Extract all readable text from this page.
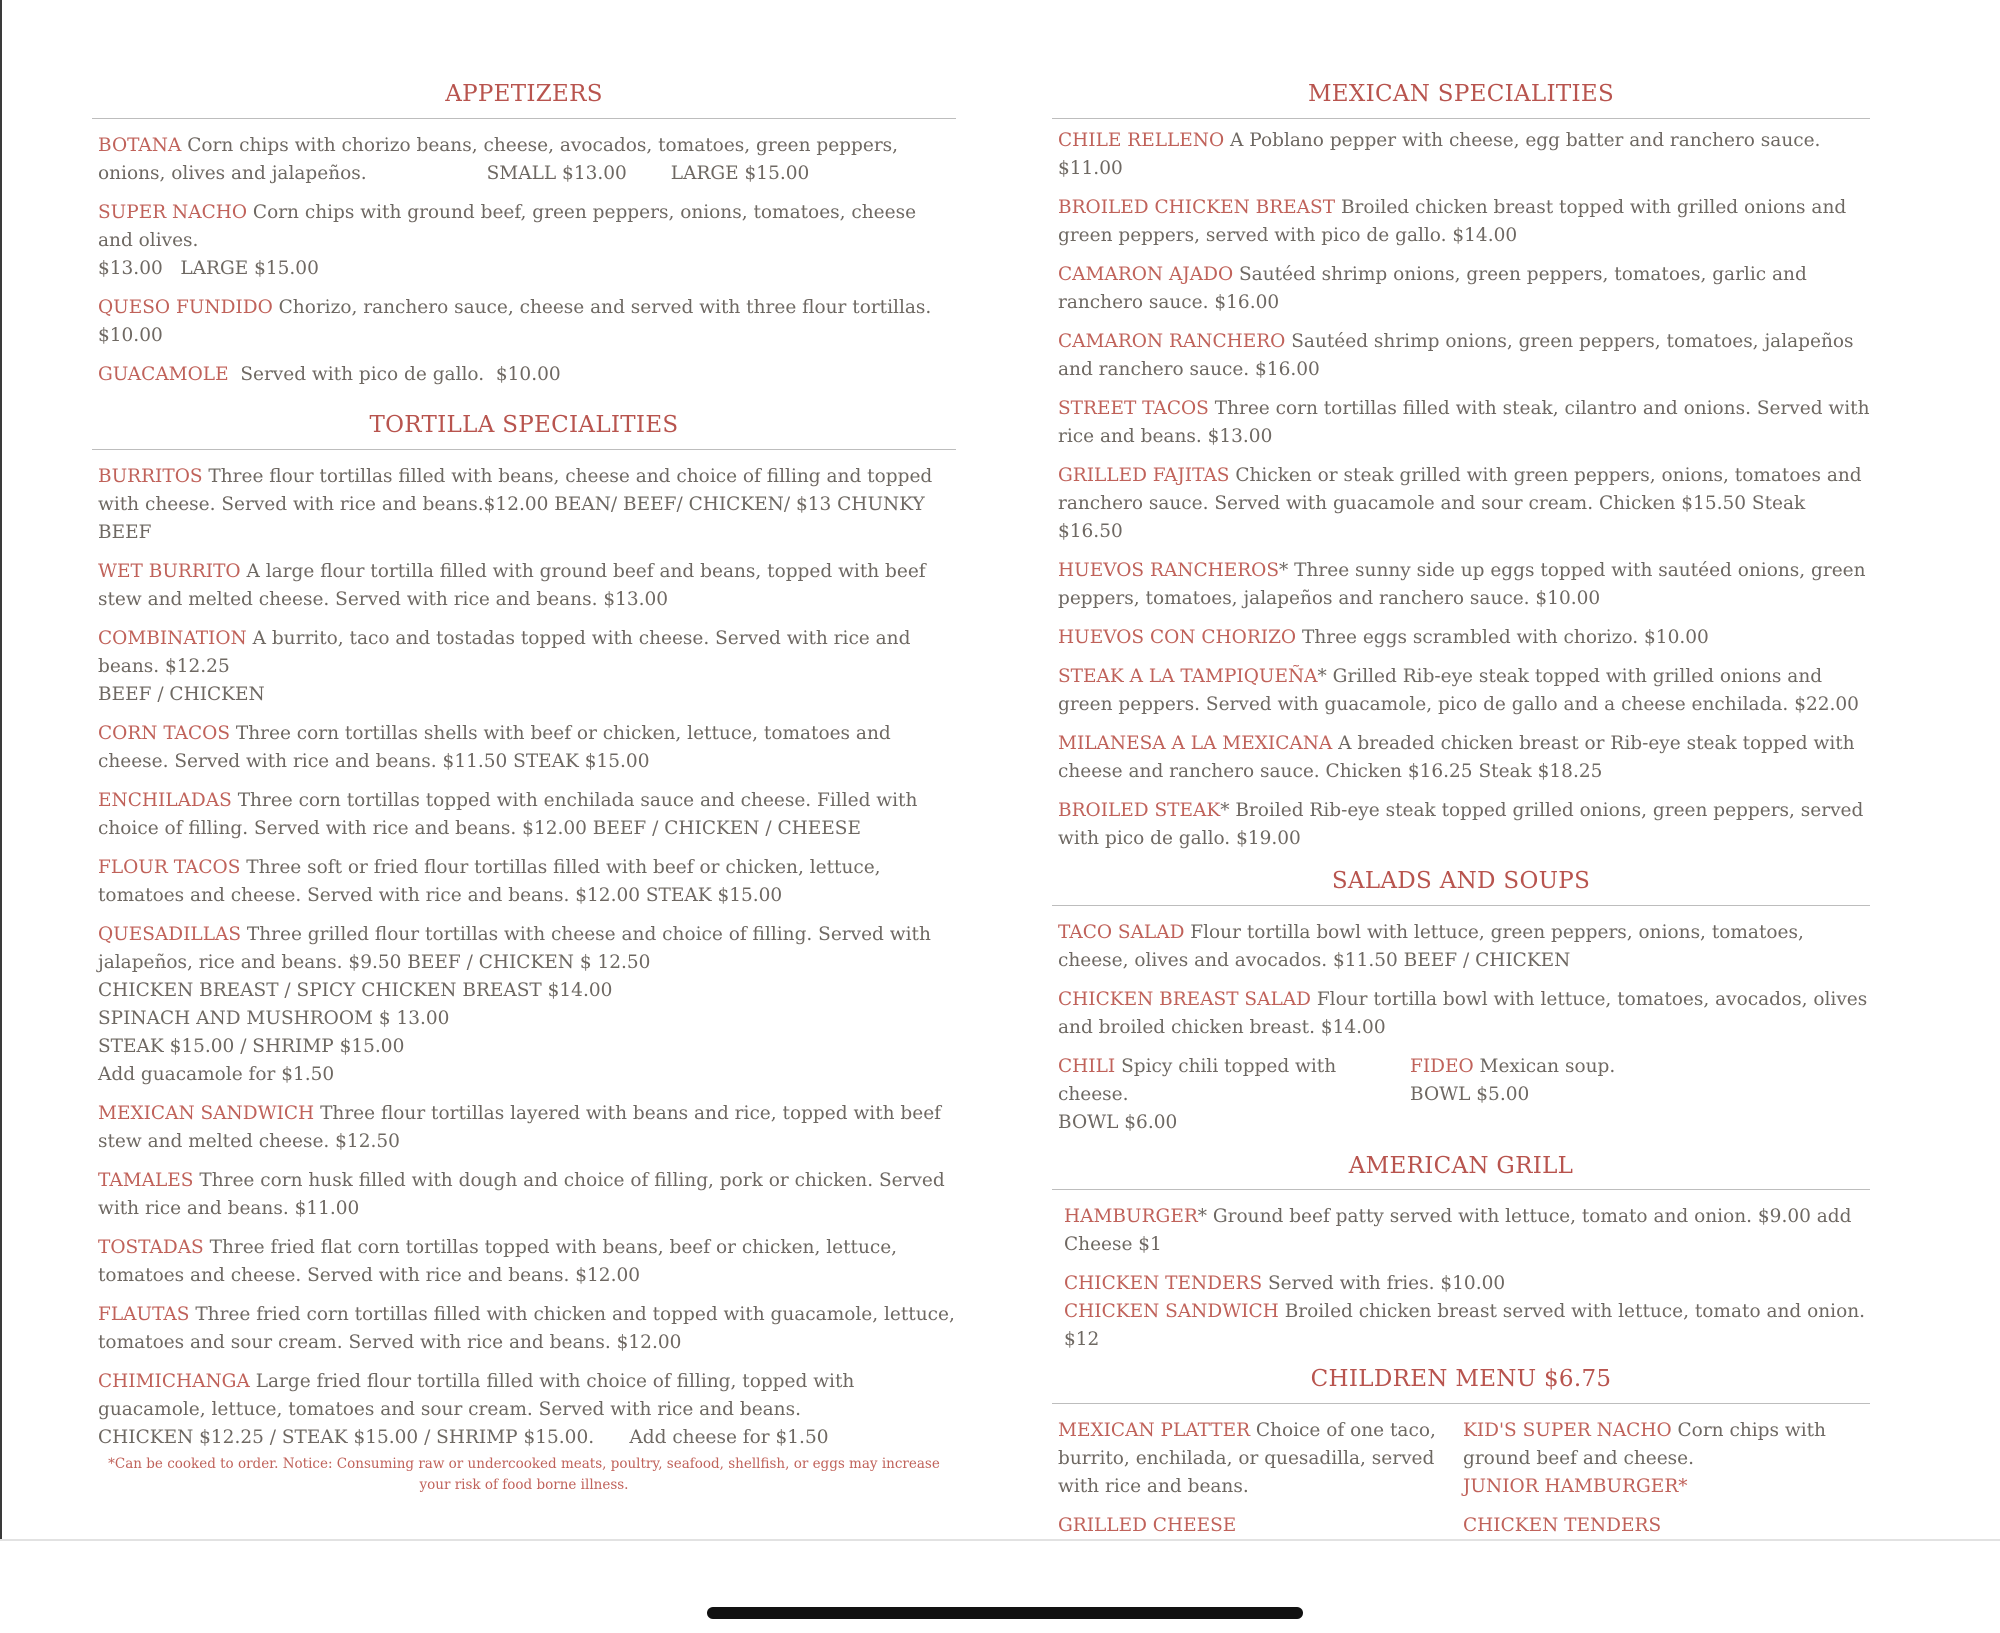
APPETIZERS
BOTANA Corn chips with chorizo beans, cheese, avocados, tomatoes, green peppers, onions, olives and jalapeños.	SMALL $13.00 LARGE $15.00
SUPER NACHO Corn chips with ground beef, green peppers, onions, tomatoes, cheese and olives.
$13.00   LARGE $15.00
QUESO FUNDIDO Chorizo, ranchero sauce, cheese and served with three flour tortillas. $10.00
GUACAMOLE  Served with pico de gallo.  $10.00
TORTILLA SPECIALITIES
BURRITOS Three flour tortillas filled with beans, cheese and choice of filling and topped with cheese. Served with rice and beans.$12.00 BEAN/ BEEF/ CHICKEN/ $13 CHUNKY BEEF
WET BURRITO A large flour tortilla filled with ground beef and beans, topped with beef stew and melted cheese. Served with rice and beans. $13.00
COMBINATION A burrito, taco and tostadas topped with cheese. Served with rice and beans. $12.25
BEEF / CHICKEN
CORN TACOS Three corn tortillas shells with beef or chicken, lettuce, tomatoes and cheese. Served with rice and beans. $11.50 STEAK $15.00
ENCHILADAS Three corn tortillas topped with enchilada sauce and cheese. Filled with choice of filling. Served with rice and beans. $12.00 BEEF / CHICKEN / CHEESE
FLOUR TACOS Three soft or fried flour tortillas filled with beef or chicken, lettuce, tomatoes and cheese. Served with rice and beans. $12.00 STEAK $15.00
QUESADILLAS Three grilled flour tortillas with cheese and choice of filling. Served with jalapeños, rice and beans. $9.50 BEEF / CHICKEN $ 12.50
CHICKEN BREAST / SPICY CHICKEN BREAST $14.00
SPINACH AND MUSHROOM $ 13.00
STEAK $15.00 / SHRIMP $15.00
Add guacamole for $1.50
MEXICAN SANDWICH Three flour tortillas layered with beans and rice, topped with beef stew and melted cheese. $12.50
TAMALES Three corn husk filled with dough and choice of filling, pork or chicken. Served with rice and beans. $11.00
TOSTADAS Three fried flat corn tortillas topped with beans, beef or chicken, lettuce, tomatoes and cheese. Served with rice and beans. $12.00
FLAUTAS Three fried corn tortillas filled with chicken and topped with guacamole, lettuce, tomatoes and sour cream. Served with rice and beans. $12.00
CHIMICHANGA Large fried flour tortilla filled with choice of filling, topped with guacamole, lettuce, tomatoes and sour cream. Served with rice and beans.
CHICKEN $12.25 / STEAK $15.00 / SHRIMP $15.00.      Add cheese for $1.50
*Can be cooked to order. Notice: Consuming raw or undercooked meats, poultry, seafood, shellfish, or eggs may increase your risk of food borne illness.
MEXICAN SPECIALITIES
CHILE RELLENO A Poblano pepper with cheese, egg batter and ranchero sauce. $11.00
BROILED CHICKEN BREAST Broiled chicken breast topped with grilled onions and green peppers, served with pico de gallo. $14.00
CAMARON AJADO Sautéed shrimp onions, green peppers, tomatoes, garlic and ranchero sauce. $16.00
CAMARON RANCHERO Sautéed shrimp onions, green peppers, tomatoes, jalapeños and ranchero sauce. $16.00
STREET TACOS Three corn tortillas filled with steak, cilantro and onions. Served with rice and beans. $13.00
GRILLED FAJITAS Chicken or steak grilled with green peppers, onions, tomatoes and ranchero sauce. Served with guacamole and sour cream. Chicken $15.50 Steak $16.50
HUEVOS RANCHEROS* Three sunny side up eggs topped with sautéed onions, green peppers, tomatoes, jalapeños and ranchero sauce. $10.00
HUEVOS CON CHORIZO Three eggs scrambled with chorizo. $10.00
STEAK A LA TAMPIQUEÑA* Grilled Rib-eye steak topped with grilled onions and green peppers. Served with guacamole, pico de gallo and a cheese enchilada. $22.00
MILANESA A LA MEXICANA A breaded chicken breast or Rib-eye steak topped with cheese and ranchero sauce. Chicken $16.25 Steak $18.25
BROILED STEAK* Broiled Rib-eye steak topped grilled onions, green peppers, served with pico de gallo. $19.00
SALADS AND SOUPS
TACO SALAD Flour tortilla bowl with lettuce, green peppers, onions, tomatoes, cheese, olives and avocados. $11.50 BEEF / CHICKEN
CHICKEN BREAST SALAD Flour tortilla bowl with lettuce, tomatoes, avocados, olives and broiled chicken breast. $14.00
CHILI Spicy chili topped with cheese.
BOWL $6.00
FIDEO Mexican soup.
BOWL $5.00
AMERICAN GRILL
HAMBURGER* Ground beef patty served with lettuce, tomato and onion. $9.00 add Cheese $1
CHICKEN TENDERS Served with fries. $10.00
CHICKEN SANDWICH Broiled chicken breast served with lettuce, tomato and onion. $12
CHILDREN MENU $6.75
MEXICAN PLATTER Choice of one taco, burrito, enchilada, or quesadilla, served with rice and beans.
GRILLED CHEESE
KID'S SUPER NACHO Corn chips with ground beef and cheese.
JUNIOR HAMBURGER*
CHICKEN TENDERS
